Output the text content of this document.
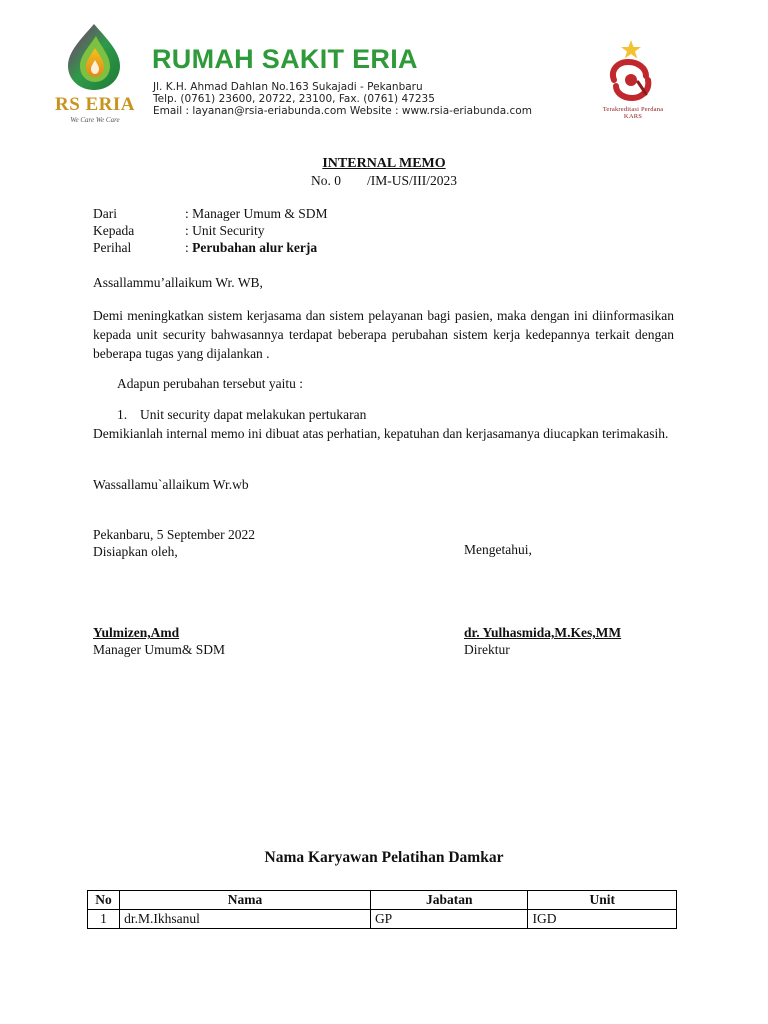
RS ERIA
We Care We Care
RUMAH SAKIT ERIA
Jl. K.H. Ahmad Dahlan No.163 Sukajadi - Pekanbaru
Telp. (0761) 23600, 20722, 23100, Fax. (0761) 47235
Email : layanan@rsia-eriabunda.com Website : www.rsia-eriabunda.com	Terakreditasi Perdana
KARS
INTERNAL MEMO
No. 0 /IM-US/III/2023
Dari	: Manager Umum & SDM
Kepada	: Unit Security
Perihal	: Perubahan alur kerja
Assallammu’allaikum Wr. WB,
Demi meningkatkan sistem kerjasama dan sistem pelayanan bagi pasien, maka dengan ini diinformasikan kepada unit security bahwasannya terdapat beberapa perubahan sistem kerja kedepannya terkait dengan beberapa tugas yang dijalankan .
Adapun perubahan tersebut yaitu :
1. Unit security dapat melakukan pertukaran
Demikianlah internal memo ini dibuat atas perhatian, kepatuhan dan kerjasamanya diucapkan terimakasih.
Wassallamu`allaikum Wr.wb
Pekanbaru, 5 September 2022
Disiapkan oleh,	Mengetahui,
Yulmizen,Amd
Manager Umum& SDM
dr. Yulhasmida,M.Kes,MM
Direktur
Nama Karyawan Pelatihan Damkar
No	Nama	Jabatan	Unit
1	dr.M.Ikhsanul	GP	IGD
